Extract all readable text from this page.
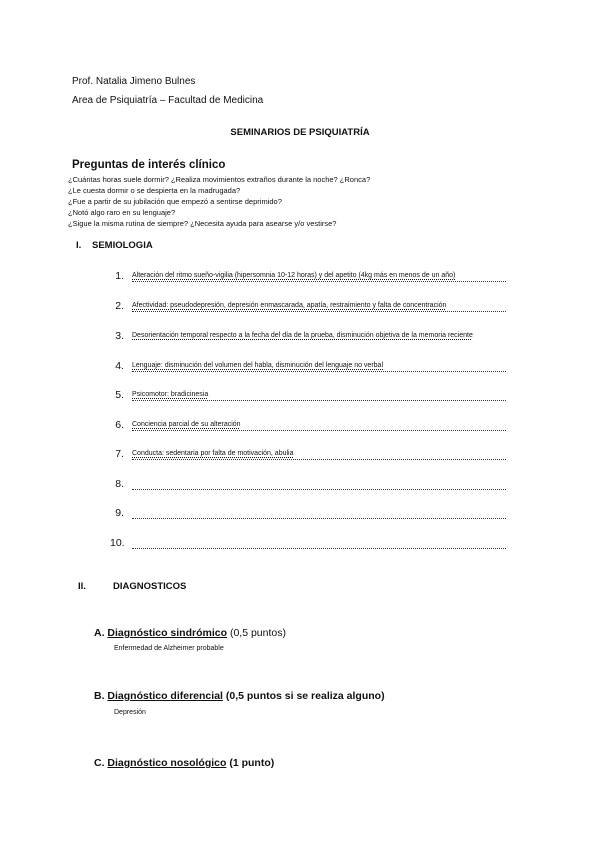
Prof. Natalia Jimeno Bulnes
Area de Psiquiatría – Facultad de Medicina
SEMINARIOS DE PSIQUIATRÍA
Preguntas de interés clínico
¿Cuántas horas suele dormir? ¿Realiza movimientos extraños durante la noche? ¿Ronca?
¿Le cuesta dormir o se despierta en la madrugada?
¿Fue a partir de su jubilación que empezó a sentirse deprimido?
¿Notó algo raro en su lenguaje?
¿Sigue la misma rutina de siempre? ¿Necesita ayuda para asearse y/o vestirse?
I. SEMIOLOGIA
1. Alteración del ritmo sueño-vigilia (hipersomnia 10-12 horas) y del apetito (4kg más en menos de un año)
2. Afectividad: pseudodepresión, depresión enmascarada, apatía, restraimiento y falta de concentración
3. Desorientación temporal respecto a la fecha del día de la prueba, disminución objetiva de la memoria reciente
4. Lenguaje: disminución del volumen del habla, disminución del lenguaje no verbal
5. Psicomotor: bradicinesia
6. Conciencia parcial de su alteración
7. Conducta: sedentaria por falta de motivación, abulia
8.
9.
10.
II.	DIAGNOSTICOS
A. Diagnóstico sindrómico (0,5 puntos)
Enfermedad de Alzheimer probable
B. Diagnóstico diferencial (0,5 puntos si se realiza alguno)
Depresión
C. Diagnóstico nosológico (1 punto)
